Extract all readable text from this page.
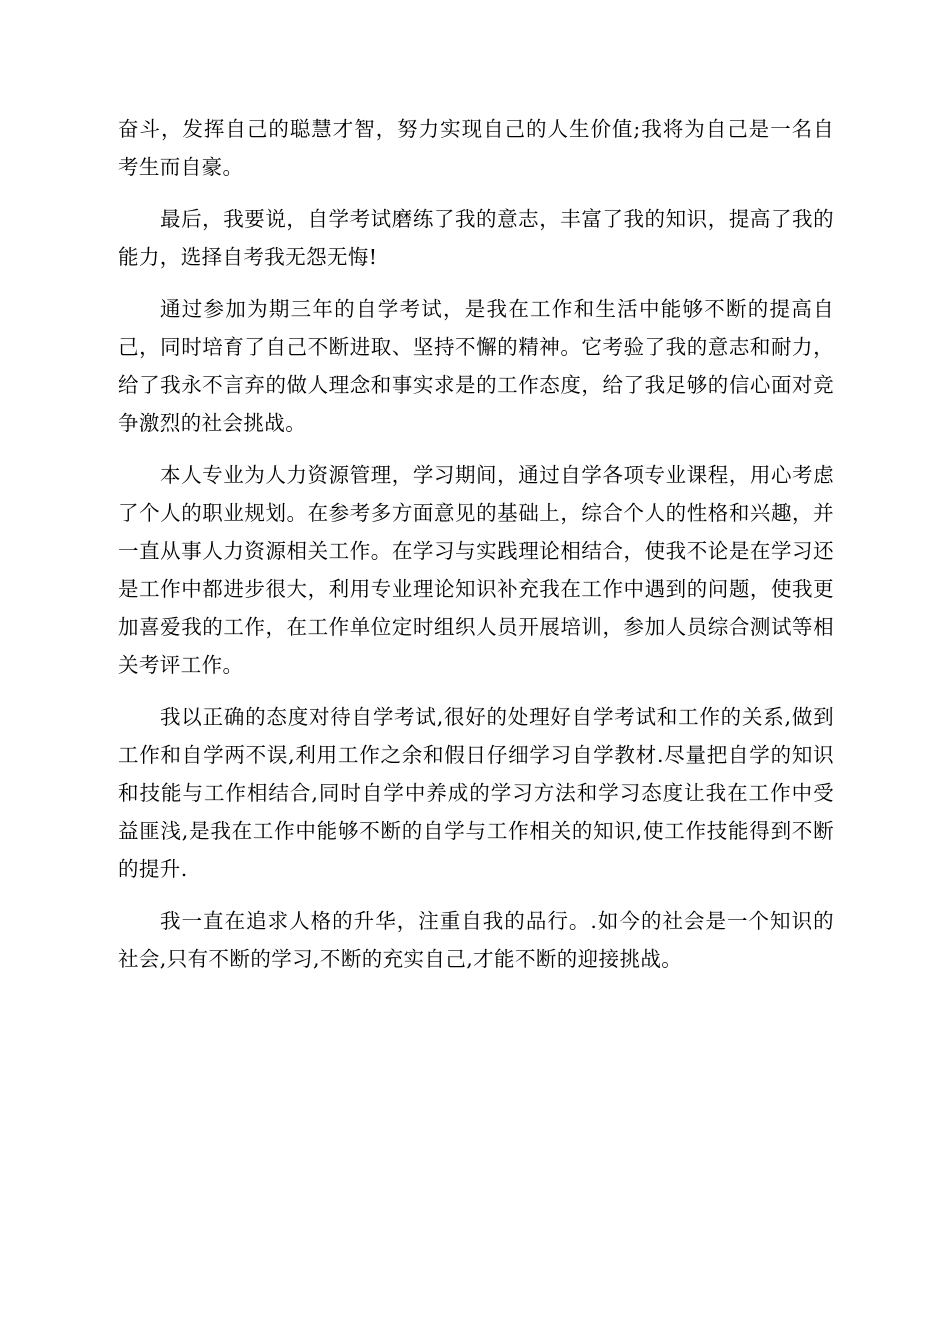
奋斗，发挥自己的聪慧才智，努力实现自己的人生价值;我将为自己是一名自考生而自豪。

最后，我要说，自学考试磨练了我的意志，丰富了我的知识，提高了我的能力，选择自考我无怨无悔!

通过参加为期三年的自学考试，是我在工作和生活中能够不断的提高自己，同时培育了自己不断进取、坚持不懈的精神。它考验了我的意志和耐力，给了我永不言弃的做人理念和事实求是的工作态度，给了我足够的信心面对竞争激烈的社会挑战。

本人专业为人力资源管理，学习期间，通过自学各项专业课程，用心考虑了个人的职业规划。在参考多方面意见的基础上，综合个人的性格和兴趣，并一直从事人力资源相关工作。在学习与实践理论相结合，使我不论是在学习还是工作中都进步很大，利用专业理论知识补充我在工作中遇到的问题，使我更加喜爱我的工作，在工作单位定时组织人员开展培训，参加人员综合测试等相关考评工作。

我以正确的态度对待自学考试,很好的处理好自学考试和工作的关系,做到工作和自学两不误,利用工作之余和假日仔细学习自学教材.尽量把自学的知识和技能与工作相结合,同时自学中养成的学习方法和学习态度让我在工作中受益匪浅,是我在工作中能够不断的自学与工作相关的知识,使工作技能得到不断的提升.

我一直在追求人格的升华，注重自我的品行。.如今的社会是一个知识的社会,只有不断的学习,不断的充实自己,才能不断的迎接挑战。
